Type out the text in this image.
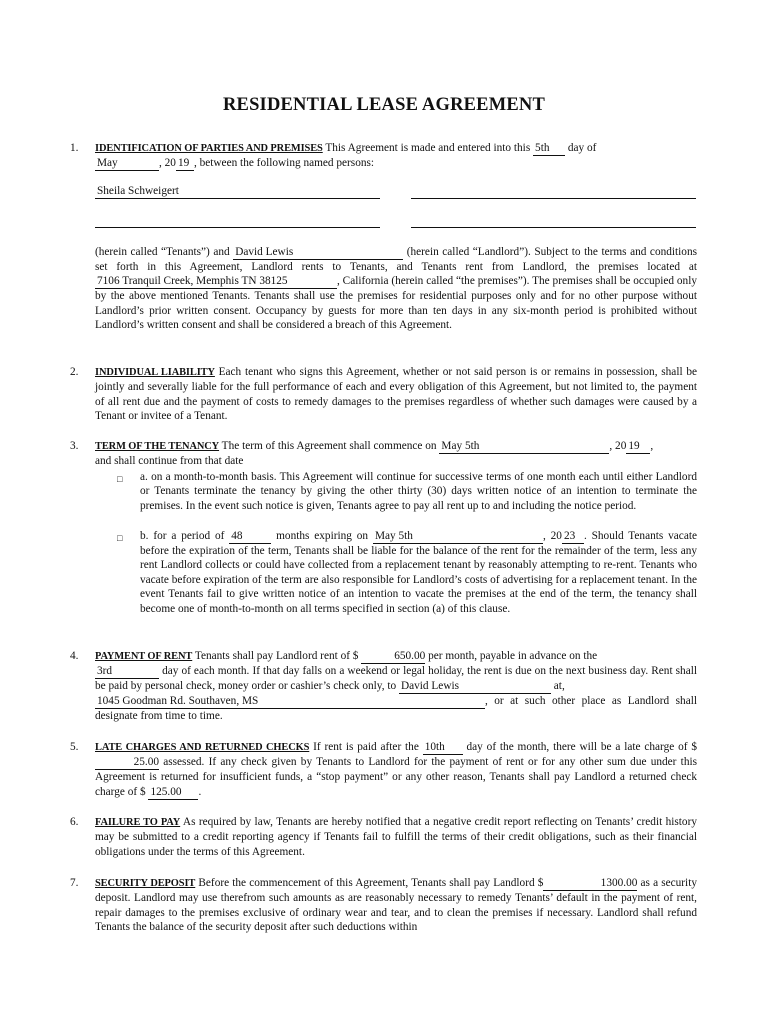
RESIDENTIAL LEASE AGREEMENT
1. IDENTIFICATION OF PARTIES AND PREMISES This Agreement is made and entered into this 5th day of
May	, 20 19 , between the following named persons:

Sheila Schweigert

(herein called “Tenants”) and David Lewis	(herein called “Landlord”). Subject to the terms and conditions set forth in this Agreement, Landlord rents to Tenants, and Tenants rent from Landlord, the premises located at 7106 Tranquil Creek, Memphis TN 38125	, California (herein called “the premises”). The premises shall be occupied only by the above mentioned Tenants. Tenants shall use the premises for residential purposes only and for no other purpose without Landlord’s prior written consent. Occupancy by guests for more than ten days in any six-month period is prohibited without Landlord’s written consent and shall be considered a breach of this Agreement.

2. INDIVIDUAL LIABILITY Each tenant who signs this Agreement, whether or not said person is or remains in possession, shall be jointly and severally liable for the full performance of each and every obligation of this Agreement, but not limited to, the payment of all rent due and the payment of costs to remedy damages to the premises regardless of whether such damages were caused by a Tenant or invitee of a Tenant.

3. TERM OF THE TENANCY The term of this Agreement shall commence on May 5th	, 20 19 ,
and shall continue from that date

□ a. on a month-to-month basis. This Agreement will continue for successive terms of one month each until either Landlord or Tenants terminate the tenancy by giving the other thirty (30) days written notice of an intention to terminate the premises. In the event such notice is given, Tenants agree to pay all rent up to and including the notice period.

□ b. for a period of 48	months expiring on May 5th	, 20 23 . Should Tenants vacate before the expiration of the term, Tenants shall be liable for the balance of the rent for the remainder of the term, less any rent Landlord collects or could have collected from a replacement tenant by reasonably attempting to re-rent. Tenants who vacate before expiration of the term are also responsible for Landlord’s costs of advertising for a replacement tenant. In the event Tenants fail to give written notice of an intention to vacate the premises at the end of the term, the tenancy shall become one of month-to-month on all terms specified in section (a) of this clause.

4. PAYMENT OF RENT Tenants shall pay Landlord rent of $	650.00 per month, payable in advance on the
3rd	day of each month. If that day falls on a weekend or legal holiday, the rent is due on the next business day. Rent shall be paid by personal check, money order or cashier’s check only, to David Lewis	at,
1045 Goodman Rd. Southaven, MS	, or at such other place as Landlord shall designate from time to time.

5. LATE CHARGES AND RETURNED CHECKS If rent is paid after the 10th day of the month, there will be a late charge of $ 25.00 assessed. If any check given by Tenants to Landlord for the payment of rent or for any other sum due under this Agreement is returned for insufficient funds, a “stop payment” or any other reason, Tenants shall pay Landlord a returned check charge of $ 125.00 .

6. FAILURE TO PAY As required by law, Tenants are hereby notified that a negative credit report reflecting on Tenants’ credit history may be submitted to a credit reporting agency if Tenants fail to fulfill the terms of their credit obligations, such as their financial obligations under the terms of this Agreement.

7. SECURITY DEPOSIT Before the commencement of this Agreement, Tenants shall pay Landlord $	1300.00 as a security deposit. Landlord may use therefrom such amounts as are reasonably necessary to remedy Tenants’ default in the payment of rent, repair damages to the premises exclusive of ordinary wear and tear, and to clean the premises if necessary. Landlord shall refund Tenants the balance of the security deposit after such deductions within
